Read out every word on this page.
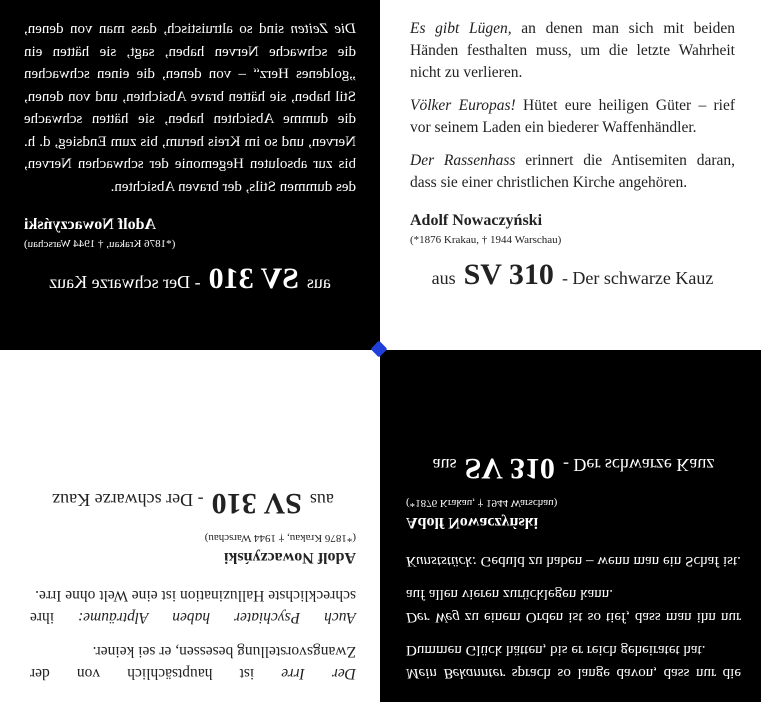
Die Zeiten sind so altruistisch, dass man von denen, die schwache Nerven haben, sagt, sie hätten ein „goldenes Herz“ – von denen, die einen schwachen Stil haben, sie hätten brave Absichten, und von denen, die dumme Absichten haben, sie hätten schwache Nerven, und so im Kreis herum, bis zum Endsieg, d. h. bis zur absoluten Hegemonie der schwachen Nerven, des dummen Stils, der braven Absichten.

Adolf Nowaczyński
(*1876 Krakau, † 1944 Warschau)
aus SV 310 - Der schwarze Kauz

Es gibt Lügen, an denen man sich mit beiden Händen festhalten muss, um die letzte Wahrheit nicht zu verlieren.

Völker Europas! Hütet eure heiligen Güter – rief vor seinem Laden ein biederer Waffenhändler.

Der Rassenhass erinnert die Antisemiten daran, dass sie einer christlichen Kirche angehören.

Adolf Nowaczyński
(*1876 Krakau, † 1944 Warschau)
aus SV 310 - Der schwarze Kauz

Der Irre ist hauptsächlich von der Zwangsvorstellung besessen, er sei keiner.

Auch Psychiater haben Alpträume: ihre schrecklichste Halluzination ist eine Welt ohne Irre.

Adolf Nowaczyński
(*1876 Krakau, † 1944 Warschau)
aus SV 310 - Der schwarze Kauz

Mein Bekannter sprach so lange davon, dass nur die Dummen Glück hätten, bis er reich geheiratet hat.

Der Weg zu einem Orden ist so tief, dass man ihn nur auf allen vieren zurücklegen kann.

Kunststück: Geduld zu haben – wenn man ein Schaf ist.

Adolf Nowaczyński
(*1876 Krakau, † 1944 Warschau)
aus SV 310 - Der schwarze Kauz
